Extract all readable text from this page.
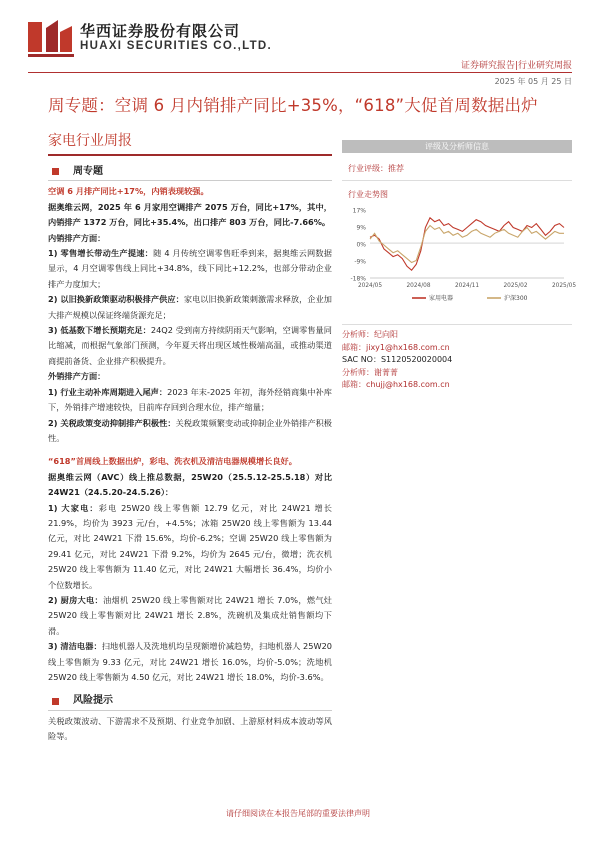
华西证券股份有限公司
HUAXI SECURITIES CO.,LTD.
证券研究报告|行业研究周报
2025 年 05 月 25 日
周专题：空调 6 月内销排产同比+35%，“618”大促首周数据出炉
家电行业周报
周专题
空调 6 月排产同比+17%，内销表现较强。
据奥维云网，2025 年 6 月家用空调排产 2075 万台，同比+17%，其中，内销排产 1372 万台，同比+35.4%，出口排产 803 万台，同比-7.66%。
内销排产方面：
1) 零售增长带动生产提速：随 4 月传统空调零售旺季到来，据奥维云网数据显示，4 月空调零售线上同比+34.8%，线下同比+12.2%，也部分带动企业排产力度加大；
2) 以旧换新政策驱动积极排产供应：家电以旧换新政策刺激需求释放，企业加大排产规模以保证终端货源充足；
3) 低基数下增长预期充足：24Q2 受到南方持续阴雨天气影响，空调零售量同比缩减，而根据气象部门预测，今年夏天将出现区域性极端高温，或推动渠道商提前备货、企业排产积极提升。
外销排产方面：
1) 行业主动补库周期进入尾声：2023 年末-2025 年初，海外经销商集中补库下，外销排产增速较快，目前库存回到合理水位，排产缩量；
2) 关税政策变动抑制排产积极性：关税政策频繁变动或抑制企业外销排产积极性。
“618”首周线上数据出炉，彩电、洗衣机及清洁电器规模增长良好。
据奥维云网（AVC）线上推总数据，25W20（25.5.12-25.5.18）对比 24W21（24.5.20-24.5.26）：
1) 大家电：彩电 25W20 线上零售额 12.79 亿元，对比 24W21 增长 21.9%，均价为 3923 元/台，+4.5%；冰箱 25W20 线上零售额为 13.44 亿元，对比 24W21 下滑 15.6%，均价-6.2%；空调 25W20 线上零售额为 29.41 亿元，对比 24W21 下滑 9.2%，均价为 2645 元/台，微增；洗衣机 25W20 线上零售额为 11.40 亿元，对比 24W21 大幅增长 36.4%，均价小个位数增长。
2) 厨房大电：油烟机 25W20 线上零售额对比 24W21 增长 7.0%，燃气灶 25W20 线上零售额对比 24W21 增长 2.8%，洗碗机及集成灶销售额均下滑。
3) 清洁电器：扫地机器人及洗地机均呈现额增价减趋势，扫地机器人 25W20 线上零售额为 9.33 亿元，对比 24W21 增长 16.0%，均价-5.0%；洗地机 25W20 线上零售额为 4.50 亿元，对比 24W21 增长 18.0%，均价-3.6%。
风险提示
关税政策波动、下游需求不及预期、行业竞争加剧、上游原材料成本波动等风险等。
评级及分析师信息
行业评级：推荐
行业走势图
17%
9%
0%
-9%
-18%
2024/05	2024/08	2024/11	2025/02	2025/05
家用电器	沪深300
分析师：纪向阳
邮箱：jixy1@hx168.com.cn
SAC NO：S1120520020004
分析师：谢菁菁
邮箱：chujj@hx168.com.cn
请仔细阅读在本报告尾部的重要法律声明
